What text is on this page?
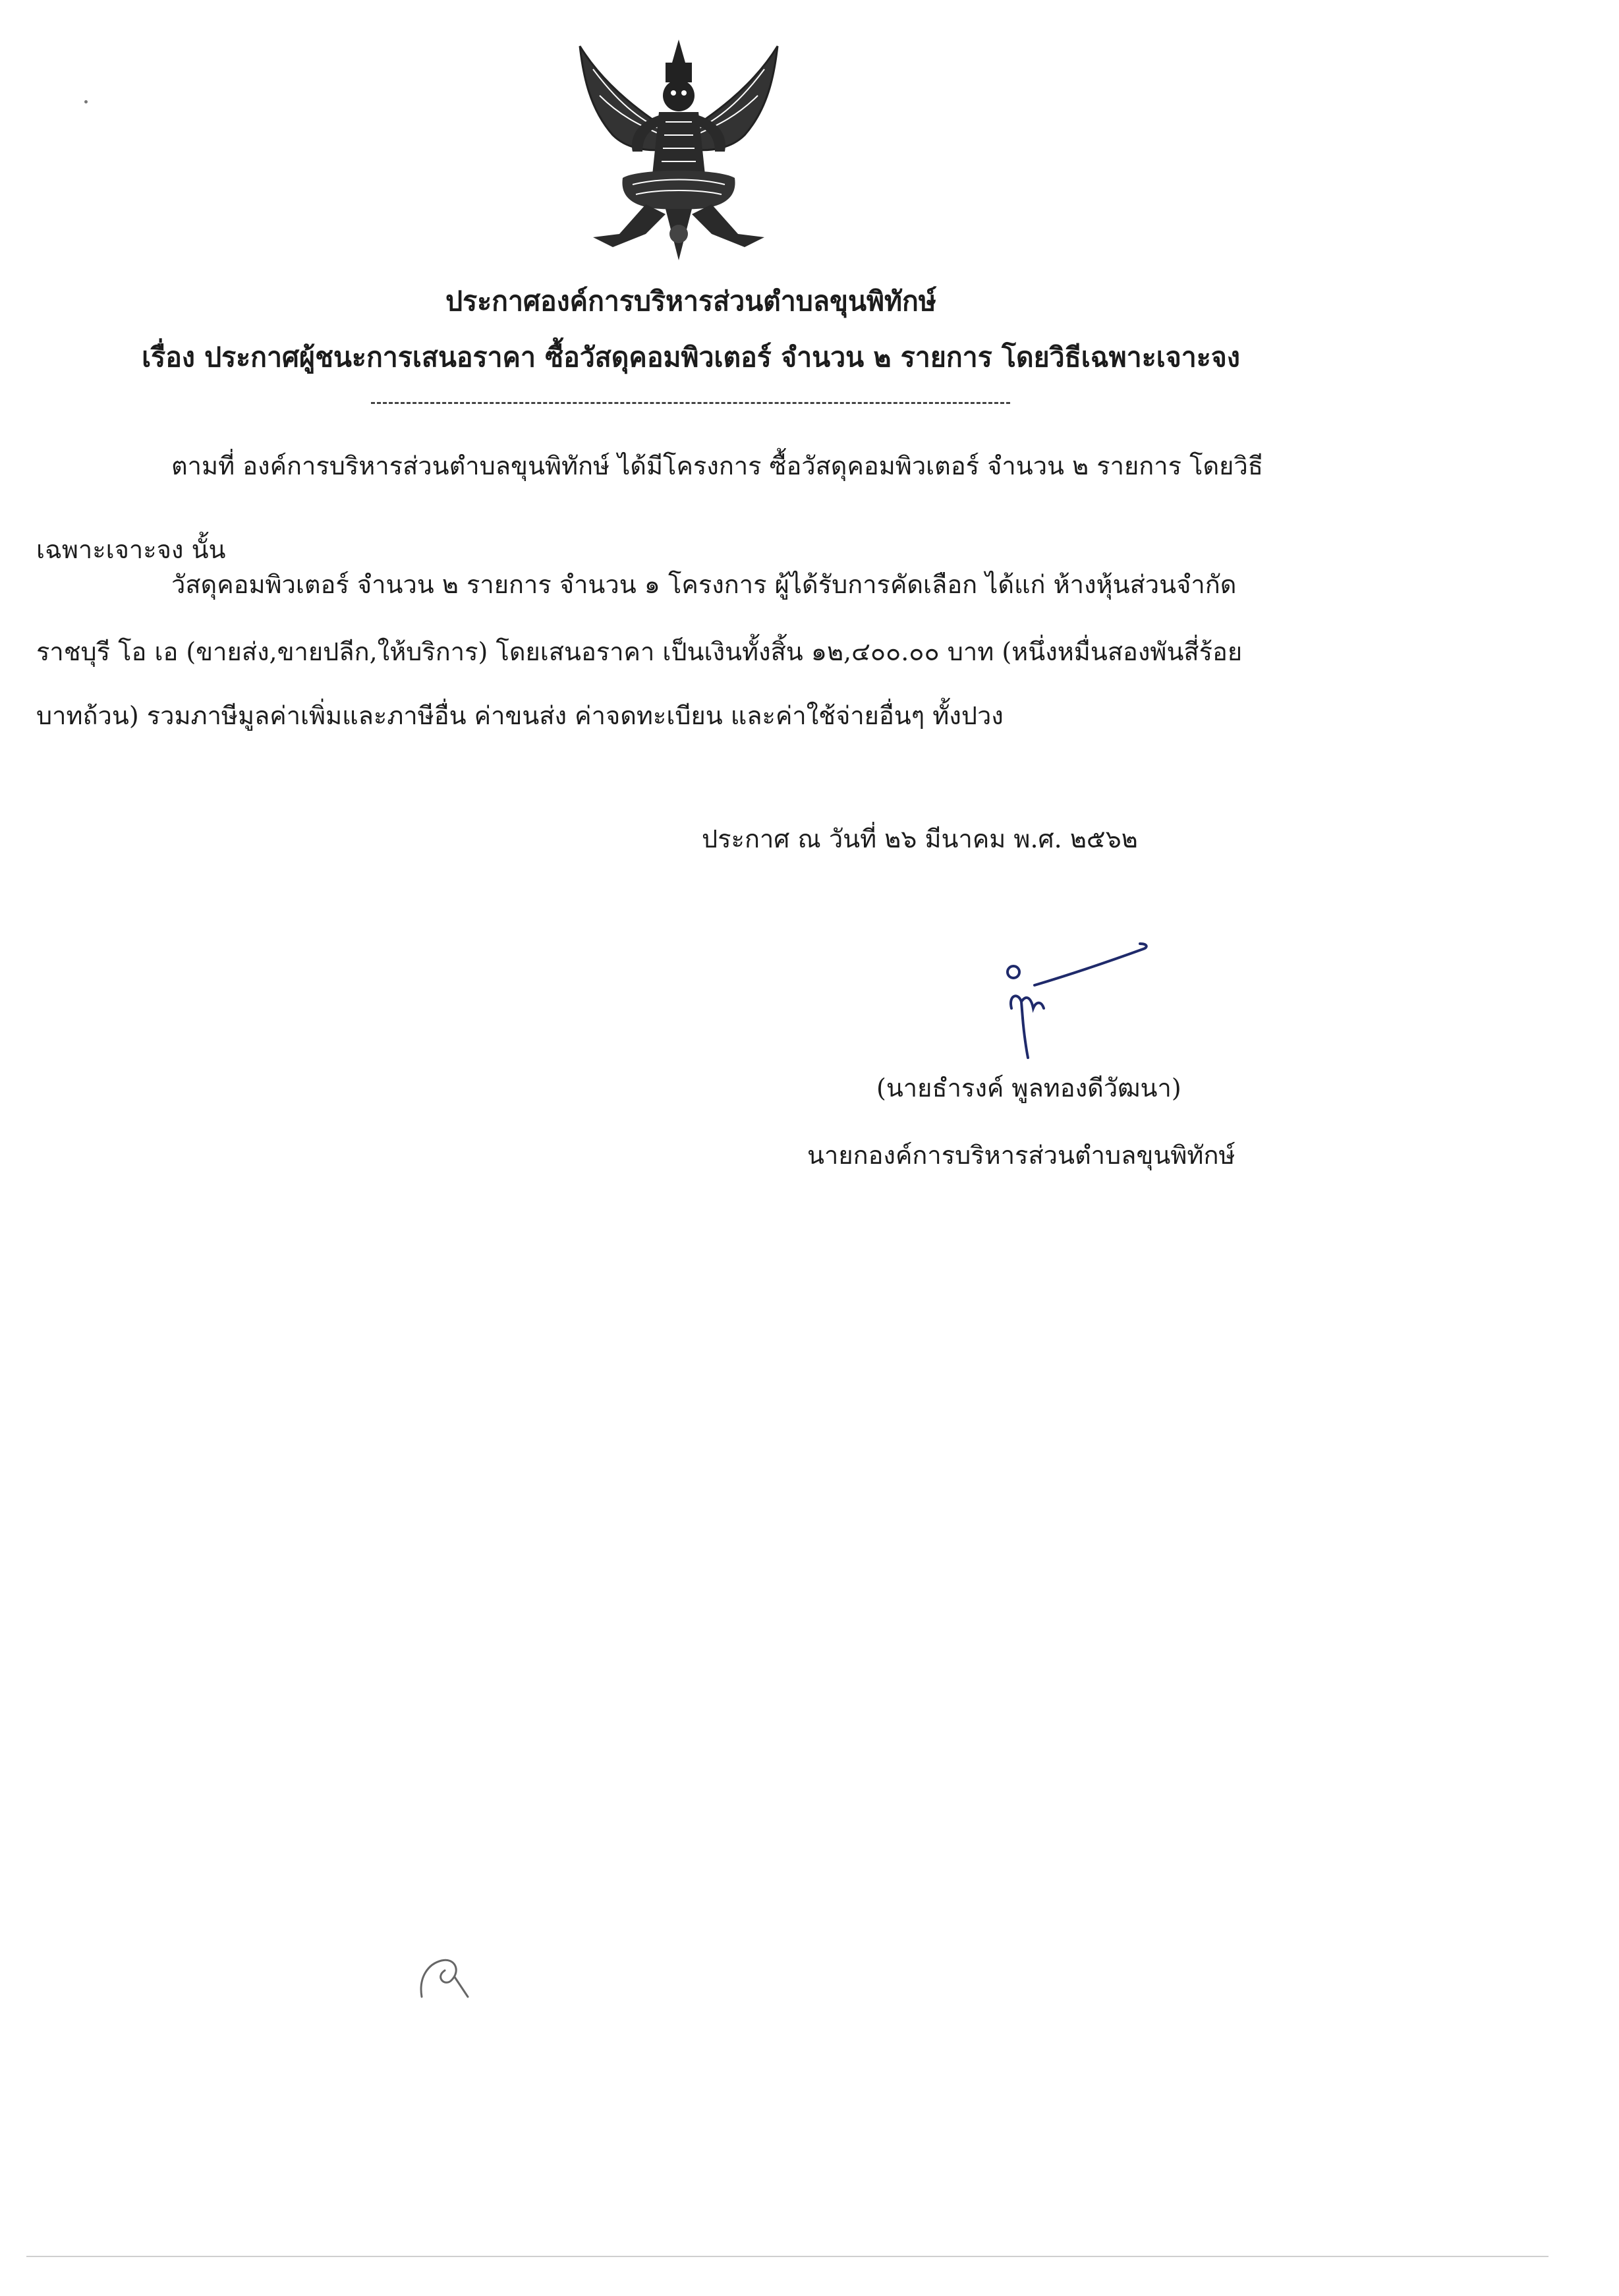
ประกาศองค์การบริหารส่วนตำบลขุนพิทักษ์
เรื่อง ประกาศผู้ชนะการเสนอราคา ซื้อวัสดุคอมพิวเตอร์ จำนวน ๒ รายการ โดยวิธีเฉพาะเจาะจง
ตามที่ องค์การบริหารส่วนตำบลขุนพิทักษ์ ได้มีโครงการ ซื้อวัสดุคอมพิวเตอร์ จำนวน ๒ รายการ โดยวิธี
เฉพาะเจาะจง นั้น
วัสดุคอมพิวเตอร์ จำนวน ๒ รายการ จำนวน ๑ โครงการ ผู้ได้รับการคัดเลือก ได้แก่ ห้างหุ้นส่วนจำกัด
ราชบุรี โอ เอ (ขายส่ง,ขายปลีก,ให้บริการ) โดยเสนอราคา เป็นเงินทั้งสิ้น ๑๒,๔๐๐.๐๐ บาท (หนึ่งหมื่นสองพันสี่ร้อย
บาทถ้วน) รวมภาษีมูลค่าเพิ่มและภาษีอื่น ค่าขนส่ง ค่าจดทะเบียน และค่าใช้จ่ายอื่นๆ ทั้งปวง
ประกาศ ณ วันที่ ๒๖ มีนาคม พ.ศ. ๒๕๖๒
(นายธำรงค์ พูลทองดีวัฒนา)
นายกองค์การบริหารส่วนตำบลขุนพิทักษ์
